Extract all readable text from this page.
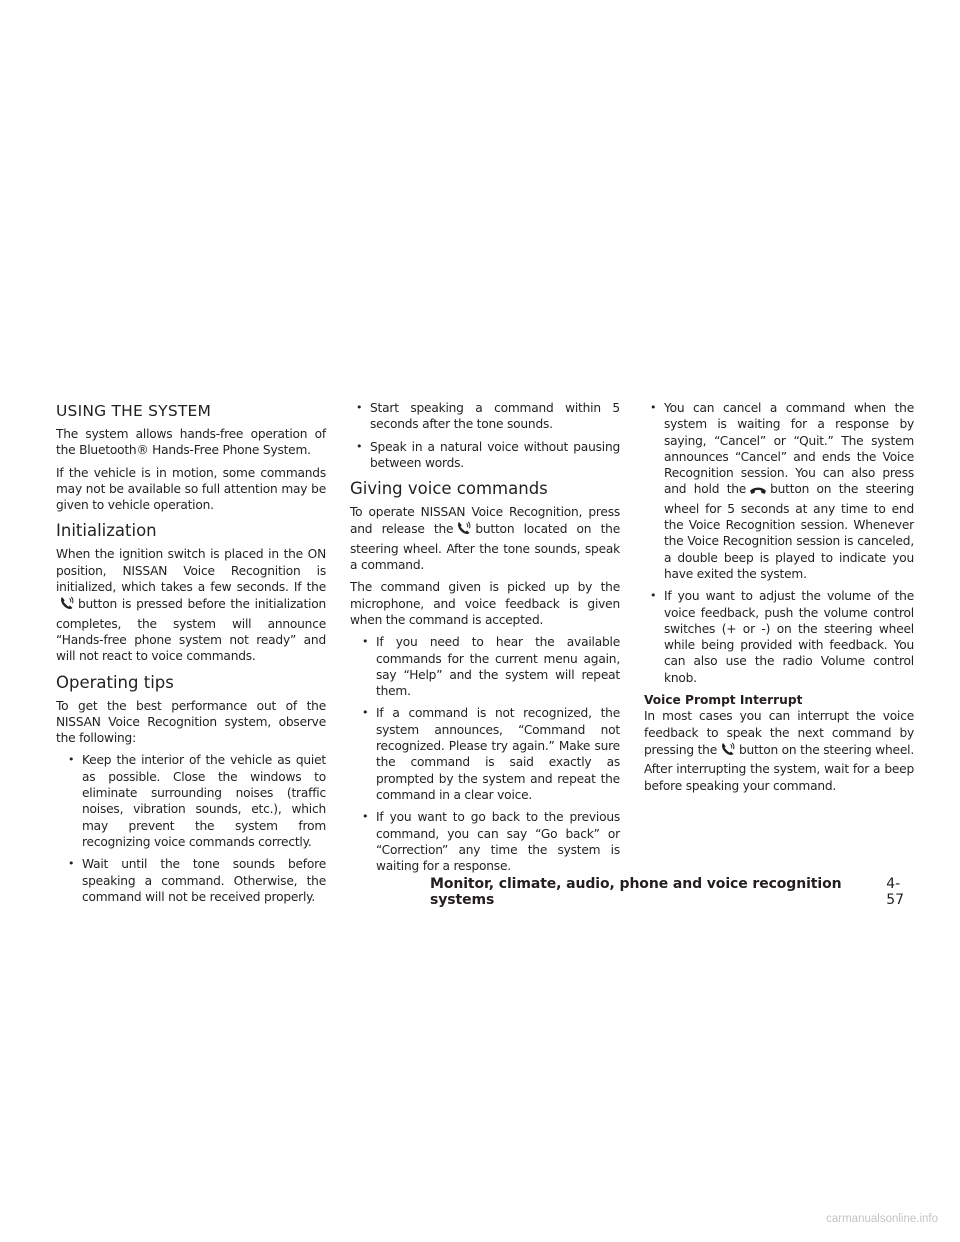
USING THE SYSTEM

The system allows hands-free operation of the Bluetooth® Hands-Free Phone System.

If the vehicle is in motion, some commands may not be available so full attention may be given to vehicle operation.

Initialization

When the ignition switch is placed in the ON position, NISSAN Voice Recognition is initialized, which takes a few seconds. If thebutton is pressed before the initialization completes, the system will announce “Hands-free phone system not ready” and will not react to voice commands.

Operating tips

To get the best performance out of the NISSAN Voice Recognition system, observe the following:

• Keep the interior of the vehicle as quiet as possible. Close the windows to eliminate surrounding noises (traffic noises, vibration sounds, etc.), which may prevent the system from recognizing voice commands correctly.
• Wait until the tone sounds before speaking a command. Otherwise, the command will not be received properly.
• Start speaking a command within 5 seconds after the tone sounds.
• Speak in a natural voice without pausing between words.
Giving voice commands

To operate NISSAN Voice Recognition, press and release the button located on the steering wheel. After the tone sounds, speak a command.

The command given is picked up by the microphone, and voice feedback is given when the command is accepted.

• If you need to hear the available commands for the current menu again, say “Help” and the system will repeat them.
• If a command is not recognized, the system announces, “Command not recognized. Please try again.” Make sure the command is said exactly as prompted by the system and repeat the command in a clear voice.
• If you want to go back to the previous command, you can say “Go back” or “Correction” any time the system is waiting for a response.
• You can cancel a command when the system is waiting for a response by saying, “Cancel” or “Quit.” The system announces “Cancel” and ends the Voice Recognition session. You can also press and hold the button on the steering wheel for 5 seconds at any time to end the Voice Recognition session. Whenever the Voice Recognition session is canceled, a double beep is played to indicate you have exited the system.
• If you want to adjust the volume of the voice feedback, push the volume control switches (+ or -) on the steering wheel while being provided with feedback. You can also use the radio Volume control knob.
Voice Prompt Interrupt

In most cases you can interrupt the voice feedback to speak the next command by pressing the button on the steering wheel. After interrupting the system, wait for a beep before speaking your command.

Monitor, climate, audio, phone and voice recognition systems
4-57
carmanualsonline.info
